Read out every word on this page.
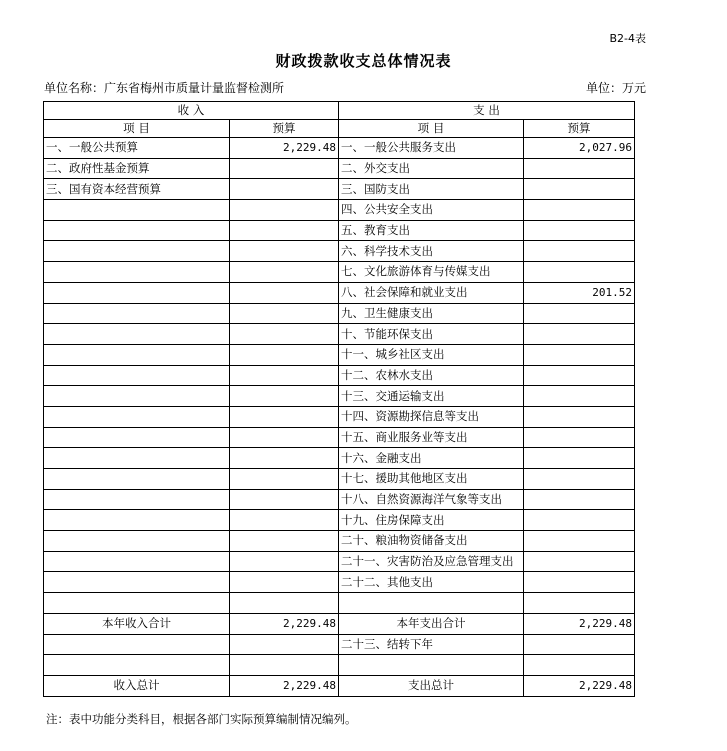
B2-4表
财政拨款收支总体情况表
单位名称：广东省梅州市质量计量监督检测所	单位：万元
收 入		支 出	
项 目	预算	项 目	预算
一、一般公共预算	2,229.48	一、一般公共服务支出	2,027.96
二、政府性基金预算		二、外交支出	
三、国有资本经营预算		三、国防支出	
		四、公共安全支出	
		五、教育支出	
		六、科学技术支出	
		七、文化旅游体育与传媒支出	
		八、社会保障和就业支出	201.52
		九、卫生健康支出	
		十、节能环保支出	
		十一、城乡社区支出	
		十二、农林水支出	
		十三、交通运输支出	
		十四、资源勘探信息等支出	
		十五、商业服务业等支出	
		十六、金融支出	
		十七、援助其他地区支出	
		十八、自然资源海洋气象等支出	
		十九、住房保障支出	
		二十、粮油物资储备支出	
		二十一、灾害防治及应急管理支出	
		二十二、其他支出	

本年收入合计	2,229.48	本年支出合计	2,229.48
		二十三、结转下年	

收入总计	2,229.48	支出总计	2,229.48
注：表中功能分类科目，根据各部门实际预算编制情况编列。
